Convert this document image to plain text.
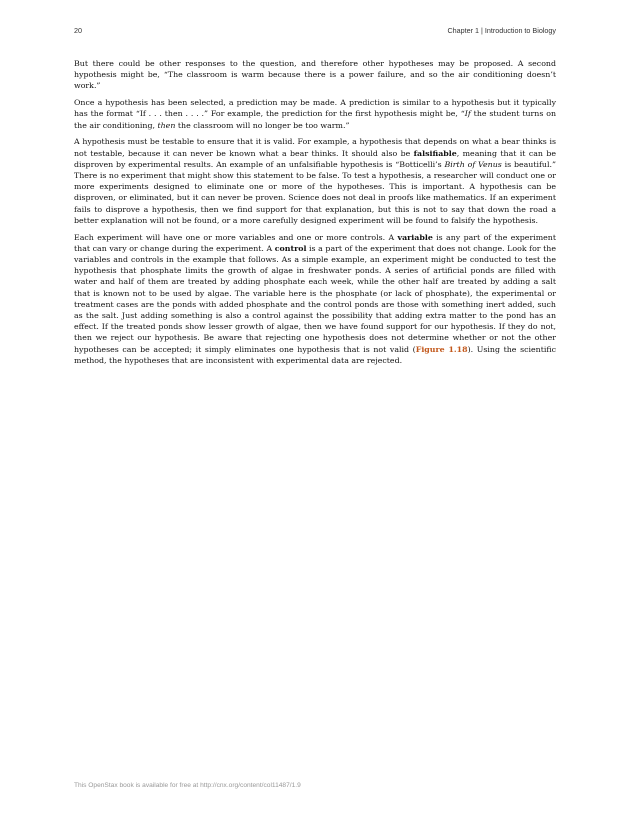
20	Chapter 1 | Introduction to Biology

But there could be other responses to the question, and therefore other hypotheses may be proposed. A second hypothesis might be, “The classroom is warm because there is a power failure, and so the air conditioning doesn’t work.”

Once a hypothesis has been selected, a prediction may be made. A prediction is similar to a hypothesis but it typically has the format “If . . . then . . . .” For example, the prediction for the first hypothesis might be, “If the student turns on the air conditioning, then the classroom will no longer be too warm.”

A hypothesis must be testable to ensure that it is valid. For example, a hypothesis that depends on what a bear thinks is not testable, because it can never be known what a bear thinks. It should also be falsifiable, meaning that it can be disproven by experimental results. An example of an unfalsifiable hypothesis is “Botticelli’s Birth of Venus is beautiful.” There is no experiment that might show this statement to be false. To test a hypothesis, a researcher will conduct one or more experiments designed to eliminate one or more of the hypotheses. This is important. A hypothesis can be disproven, or eliminated, but it can never be proven. Science does not deal in proofs like mathematics. If an experiment fails to disprove a hypothesis, then we find support for that explanation, but this is not to say that down the road a better explanation will not be found, or a more carefully designed experiment will be found to falsify the hypothesis.

Each experiment will have one or more variables and one or more controls. A variable is any part of the experiment that can vary or change during the experiment. A control is a part of the experiment that does not change. Look for the variables and controls in the example that follows. As a simple example, an experiment might be conducted to test the hypothesis that phosphate limits the growth of algae in freshwater ponds. A series of artificial ponds are filled with water and half of them are treated by adding phosphate each week, while the other half are treated by adding a salt that is known not to be used by algae. The variable here is the phosphate (or lack of phosphate), the experimental or treatment cases are the ponds with added phosphate and the control ponds are those with something inert added, such as the salt. Just adding something is also a control against the possibility that adding extra matter to the pond has an effect. If the treated ponds show lesser growth of algae, then we have found support for our hypothesis. If they do not, then we reject our hypothesis. Be aware that rejecting one hypothesis does not determine whether or not the other hypotheses can be accepted; it simply eliminates one hypothesis that is not valid (Figure 1.18). Using the scientific method, the hypotheses that are inconsistent with experimental data are rejected.

This OpenStax book is available for free at http://cnx.org/content/col11487/1.9
